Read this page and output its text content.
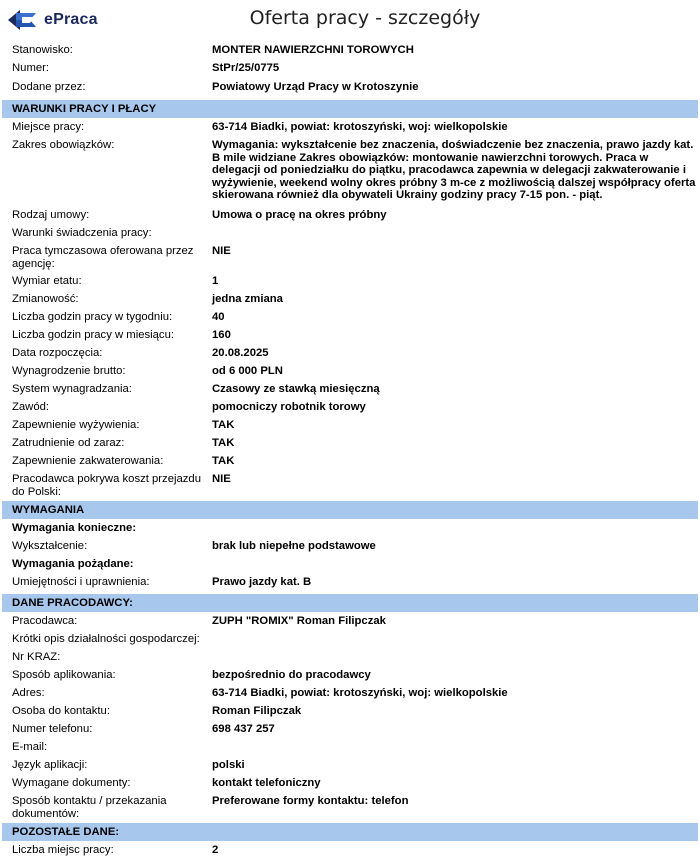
ePraca	Oferta pracy - szczegóły
Stanowisko:	MONTER NAWIERZCHNI TOROWYCH
Numer:	StPr/25/0775
Dodane przez:	Powiatowy Urząd Pracy w Krotoszynie
WARUNKI PRACY I PŁACY
Miejsce pracy:	63-714 Biadki, powiat: krotoszyński, woj: wielkopolskie
Zakres obowiązków:	Wymagania: wykształcenie bez znaczenia, doświadczenie bez znaczenia, prawo jazdy kat. B mile widziane Zakres obowiązków: montowanie nawierzchni torowych. Praca w delegacji od poniedziałku do piątku, pracodawca zapewnia w delegacji zakwaterowanie i wyżywienie, weekend wolny okres próbny 3 m-ce z możliwością dalszej współpracy oferta skierowana również dla obywateli Ukrainy godziny pracy 7-15 pon. - piąt.
Rodzaj umowy:	Umowa o pracę na okres próbny
Warunki świadczenia pracy:
Praca tymczasowa oferowana przez agencję:
NIE
Wymiar etatu:	1
Zmianowość:	jedna zmiana
Liczba godzin pracy w tygodniu:	40
Liczba godzin pracy w miesiącu:	160
Data rozpoczęcia:	20.08.2025
Wynagrodzenie brutto:	od 6 000 PLN
System wynagradzania:	Czasowy ze stawką miesięczną
Zawód:	pomocniczy robotnik torowy
Zapewnienie wyżywienia:	TAK
Zatrudnienie od zaraz:	TAK
Zapewnienie zakwaterowania:	TAK
Pracodawca pokrywa koszt przejazdu do Polski:
NIE
WYMAGANIA
Wymagania konieczne:
Wykształcenie:	brak lub niepełne podstawowe
Wymagania pożądane:
Umiejętności i uprawnienia:	Prawo jazdy kat. B
DANE PRACODAWCY:
Pracodawca:	ZUPH "ROMIX" Roman Filipczak
Krótki opis działalności gospodarczej:
Nr KRAZ:
Sposób aplikowania:	bezpośrednio do pracodawcy
Adres:	63-714 Biadki, powiat: krotoszyński, woj: wielkopolskie
Osoba do kontaktu:	Roman Filipczak
Numer telefonu:	698 437 257
E-mail:
Język aplikacji:	polski
Wymagane dokumenty:	kontakt telefoniczny
Sposób kontaktu / przekazania dokumentów:
Preferowane formy kontaktu: telefon
POZOSTAŁE DANE:
Liczba miejsc pracy:	2
